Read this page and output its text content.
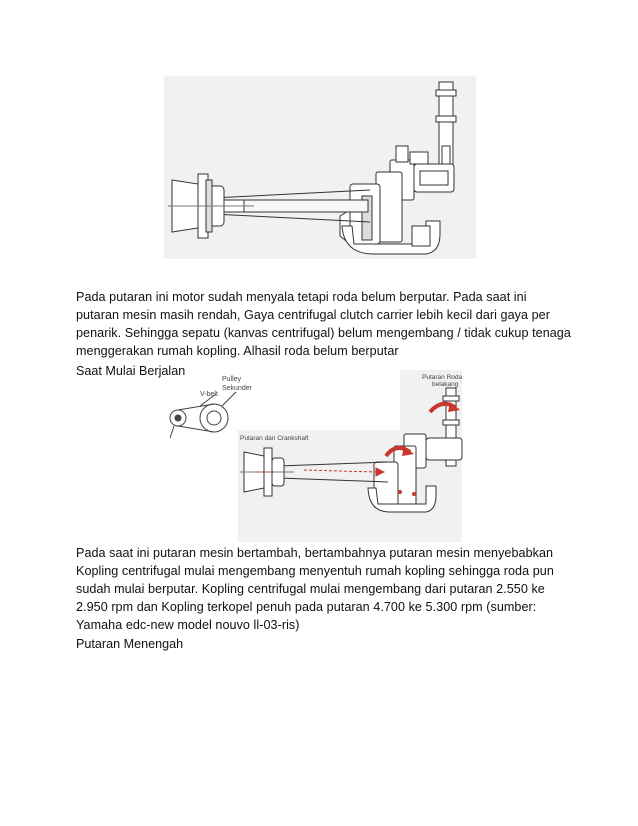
Pada putaran ini motor sudah menyala tetapi roda belum berputar. Pada saat ini
putaran mesin masih rendah, Gaya centrifugal clutch carrier lebih kecil dari gaya per
penarik. Sehingga sepatu (kanvas centrifugal) belum mengembang / tidak cukup tenaga
menggerakan rumah kopling. Alhasil roda belum berputar

Saat Mulai Berjalan

V-belt
Pulley
Sekunder
Putaran dari Crankshaft
Putaran Roda
belakang

Pada saat ini putaran mesin bertambah, bertambahnya putaran mesin menyebabkan
Kopling centrifugal mulai mengembang menyentuh rumah kopling sehingga roda pun
sudah mulai berputar. Kopling centrifugal mulai mengembang dari putaran 2.550 ke
2.950 rpm dan Kopling terkopel penuh pada putaran 4.700 ke 5.300 rpm (sumber:
Yamaha edc-new model nouvo ll-03-ris)

Putaran Menengah
